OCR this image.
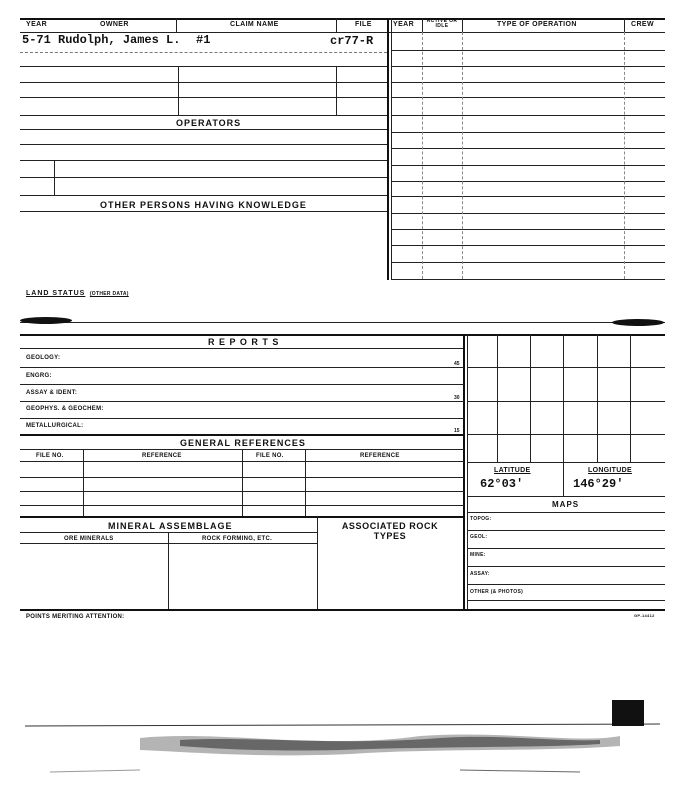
YEAR	OWNER	CLAIM NAME	FILE	YEAR	ACTIVE OR IDLE	TYPE OF OPERATION	CREW
5-71 Rudolph, James L. #1	cr77-R
OPERATORS
OTHER PERSONS HAVING KNOWLEDGE
LAND STATUS (OTHER DATA)
R E P O R T S
GEOLOGY:
45
ENGRG:
ASSAY & IDENT:
30
GEOPHYS. & GEOCHEM:
METALLURGICAL:
15
LATITUDE	LONGITUDE
62°03'	146°29'
MAPS
TOPOG:
GEOL:
MINE:
ASSAY:
OTHER (& PHOTOS)
GENERAL REFERENCES
FILE NO.	REFERENCE	FILE NO.	REFERENCE
MINERAL ASSEMBLAGE	ASSOCIATED ROCK TYPES
ORE MINERALS	ROCK FORMING, ETC.
POINTS MERITING ATTENTION:	GP-14412
